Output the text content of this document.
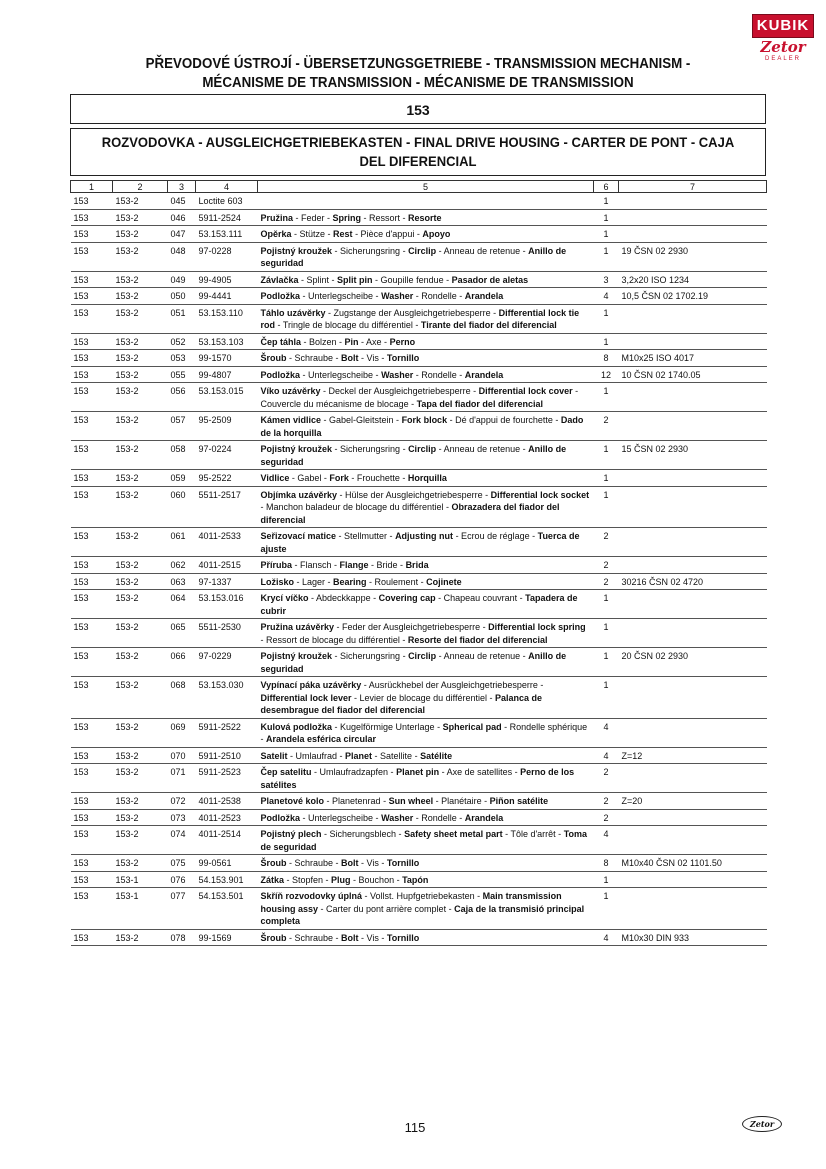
KUBIK
Zetor
DEALER
PŘEVODOVÉ ÚSTROJÍ - ÜBERSETZUNGSGETRIEBE - TRANSMISSION MECHANISM - MÉCANISME DE TRANSMISSION - MÉCANISME DE TRANSMISSION
153
ROZVODOVKA - AUSGLEICHGETRIEBEKASTEN - FINAL DRIVE HOUSING - CARTER DE PONT - CAJA DEL DIFERENCIAL
1	2	3	4	5	6	7
153	153-2	045	Loctite 603		1	
153	153-2	046	5911-2524	Pružina - Feder - Spring - Ressort - Resorte	1	
153	153-2	047	53.153.111	Opěrka - Stütze - Rest - Pièce d'appui - Apoyo	1	
153	153-2	048	97-0228	Pojistný kroužek - Sicherungsring - Circlip - Anneau de retenue - Anillo de seguridad	1	19 ČSN 02 2930
153	153-2	049	99-4905	Závlačka - Splint - Split pin - Goupille fendue - Pasador de aletas	3	3,2x20 ISO 1234
153	153-2	050	99-4441	Podložka - Unterlegscheibe - Washer - Rondelle - Arandela	4	10,5 ČSN 02 1702.19
153	153-2	051	53.153.110	Táhlo uzávěrky - Zugstange der Ausgleichgetriebesperre - Differential lock tie rod - Tringle de blocage du différentiel - Tirante del fiador del diferencial	1	
153	153-2	052	53.153.103	Čep táhla - Bolzen - Pin - Axe - Perno	1	
153	153-2	053	99-1570	Šroub - Schraube - Bolt - Vis - Tornillo	8	M10x25 ISO 4017
153	153-2	055	99-4807	Podložka - Unterlegscheibe - Washer - Rondelle - Arandela	12	10 ČSN 02 1740.05
153	153-2	056	53.153.015	Víko uzávěrky - Deckel der Ausgleichgetriebesperre - Differential lock cover - Couvercle du mécanisme de blocage - Tapa del fiador del diferencial	1	
153	153-2	057	95-2509	Kámen vidlice - Gabel-Gleitstein - Fork block - Dé d'appui de fourchette - Dado de la horquilla	2	
153	153-2	058	97-0224	Pojistný kroužek - Sicherungsring - Circlip - Anneau de retenue - Anillo de seguridad	1	15 ČSN 02 2930
153	153-2	059	95-2522	Vidlice - Gabel - Fork - Frouchette - Horquilla	1	
153	153-2	060	5511-2517	Objímka uzávěrky - Hülse der Ausgleichgetriebesperre - Differential lock socket - Manchon baladeur de blocage du différentiel - Obrazadera del fiador del diferencial	1	
153	153-2	061	4011-2533	Seřizovací matice - Stellmutter - Adjusting nut - Ecrou de réglage - Tuerca de ajuste	2	
153	153-2	062	4011-2515	Příruba - Flansch - Flange - Bride - Brida	2	
153	153-2	063	97-1337	Ložisko - Lager - Bearing - Roulement - Cojinete	2	30216 ČSN 02 4720
153	153-2	064	53.153.016	Krycí víčko - Abdeckkappe - Covering cap - Chapeau couvrant - Tapadera de cubrir	1	
153	153-2	065	5511-2530	Pružina uzávěrky - Feder der Ausgleichgetriebesperre - Differential lock spring - Ressort de blocage du différentiel - Resorte del fiador del diferencial	1	
153	153-2	066	97-0229	Pojistný kroužek - Sicherungsring - Circlip - Anneau de retenue - Anillo de seguridad	1	20 ČSN 02 2930
153	153-2	068	53.153.030	Vypínací páka uzávěrky - Ausrückhebel der Ausgleichgetriebesperre - Differential lock lever - Levier de blocage du différentiel - Palanca de desembrague del fiador del diferencial	1	
153	153-2	069	5911-2522	Kulová podložka - Kugelförmige Unterlage - Spherical pad - Rondelle sphérique - Arandela esférica circular	4	
153	153-2	070	5911-2510	Satelit - Umlaufrad - Planet - Satellite - Satélite	4	Z=12
153	153-2	071	5911-2523	Čep satelitu - Umlaufradzapfen - Planet pin - Axe de satellites - Perno de los satélites	2	
153	153-2	072	4011-2538	Planetové kolo - Planetenrad - Sun wheel - Planétaire - Piñon satélite	2	Z=20
153	153-2	073	4011-2523	Podložka - Unterlegscheibe - Washer - Rondelle - Arandela	2	
153	153-2	074	4011-2514	Pojistný plech - Sicherungsblech - Safety sheet metal part - Tôle d'arrêt - Toma de seguridad	4	
153	153-2	075	99-0561	Šroub - Schraube - Bolt - Vis - Tornillo	8	M10x40 ČSN 02 1101.50
153	153-1	076	54.153.901	Zátka - Stopfen - Plug - Bouchon - Tapón	1	
153	153-1	077	54.153.501	Skříň rozvodovky úplná - Vollst. Hupfgetriebekasten - Main transmission housing assy - Carter du pont arrière complet - Caja de la transmisió principal completa	1	
153	153-2	078	99-1569	Šroub - Schraube - Bolt - Vis - Tornillo	4	M10x30 DIN 933
115	Zetor
